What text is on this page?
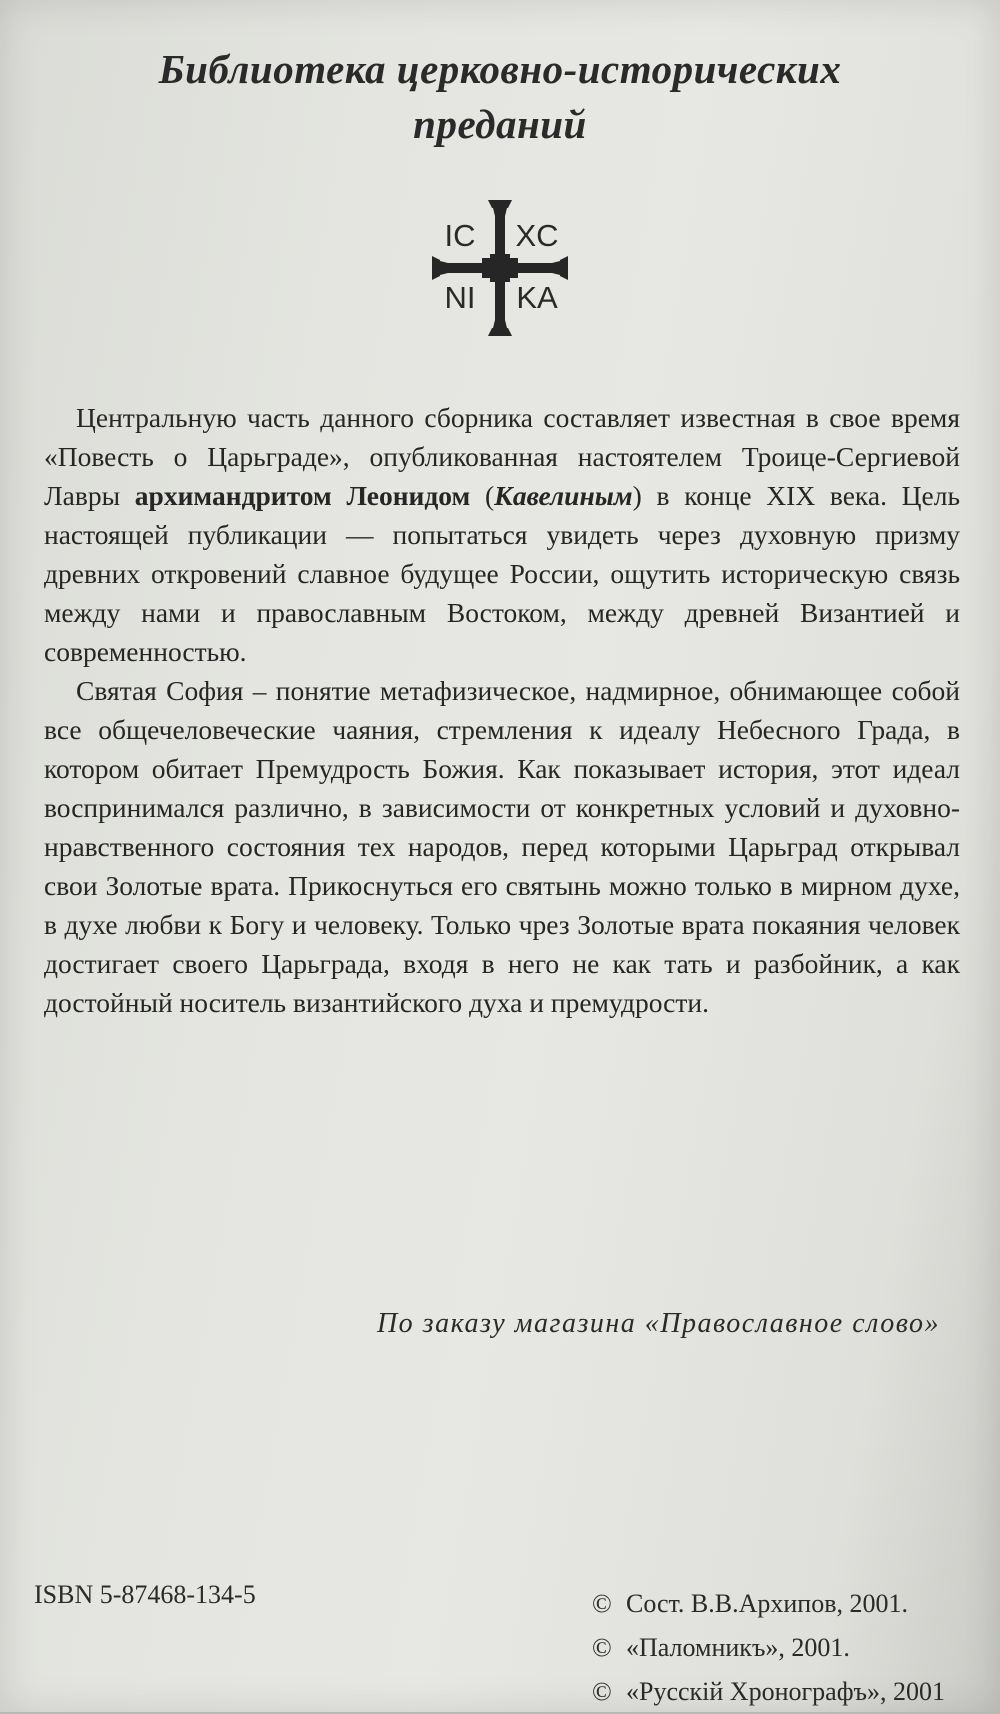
Библиотека церковно-исторических
преданий
IC XC
NI KA

Центральную часть данного сборника составляет известная в свое время «Повесть о Царьграде», опубликованная настоятелем Троице-Сергиевой Лавры архимандритом Леонидом (Кавелиным) в конце XIX века. Цель настоящей публикации — попытаться увидеть через духовную призму древних откровений славное будущее России, ощутить историческую связь между нами и православным Востоком, между древней Византией и современностью.

Святая София – понятие метафизическое, надмирное, обнимающее собой все общечеловеческие чаяния, стремления к идеалу Небесного Града, в котором обитает Премудрость Божия. Как показывает история, этот идеал воспринимался различно, в зависимости от конкретных условий и духовно-нравственного состояния тех народов, перед которыми Царьград открывал свои Золотые врата. Прикоснуться его святынь можно только в мирном духе, в духе любви к Богу и человеку. Только чрез Золотые врата покаяния человек достигает своего Царьграда, входя в него не как тать и разбойник, а как достойный носитель византийского духа и премудрости.

По заказу магазина «Православное слово»
ISBN 5-87468-134-5	© Сост. В.В.Архипов, 2001.
© «Паломникъ», 2001.
© «Русскій Хронографъ», 2001
